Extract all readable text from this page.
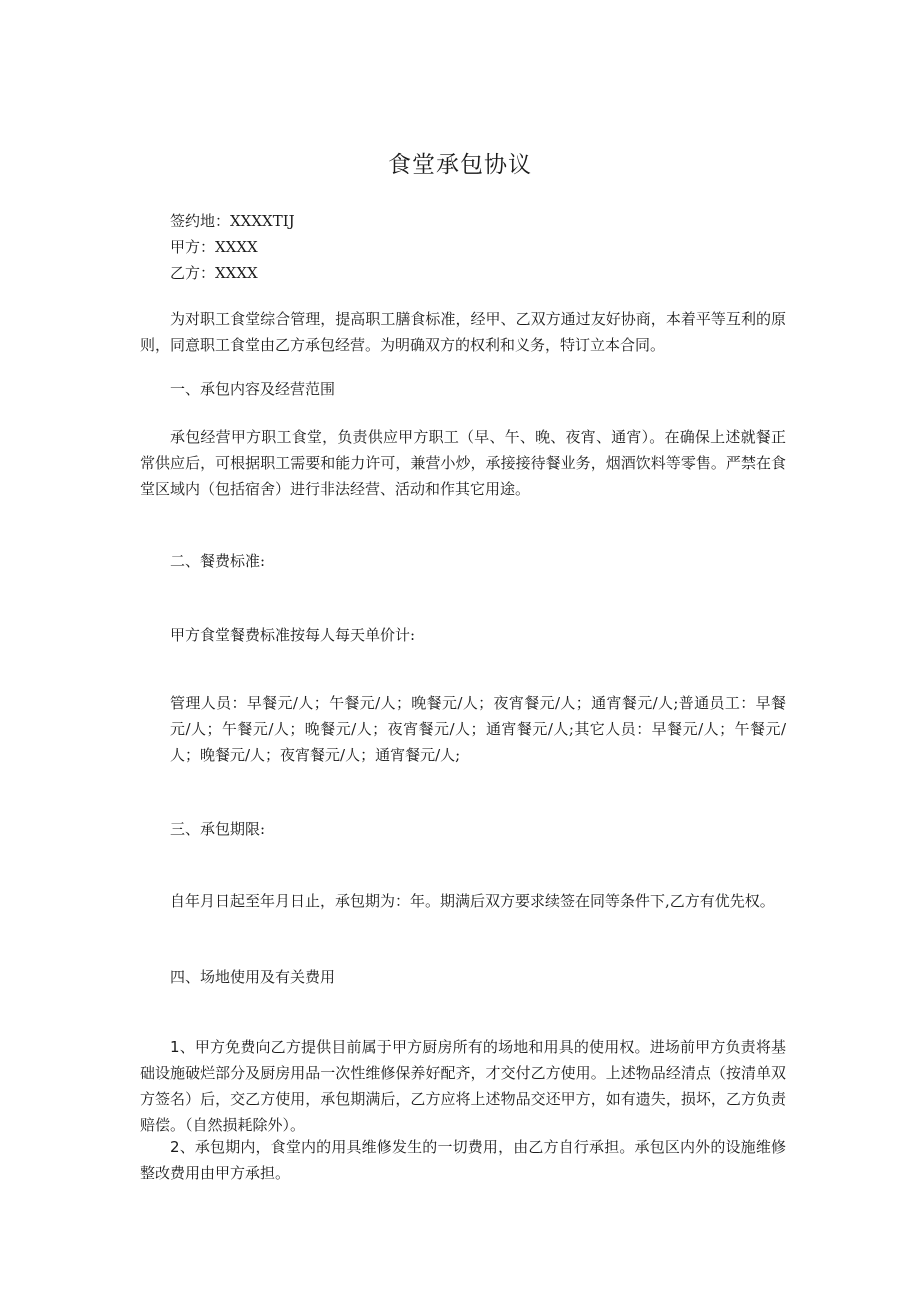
食堂承包协议
签约地：XXXXTIJ
甲方：XXXX
乙方：XXXX

为对职工食堂综合管理，提高职工膳食标准，经甲、乙双方通过友好协商，本着平等互利的原则，同意职工食堂由乙方承包经营。为明确双方的权利和义务，特订立本合同。

一、承包内容及经营范围

承包经营甲方职工食堂，负责供应甲方职工（早、午、晚、夜宵、通宵）。在确保上述就餐正常供应后，可根据职工需要和能力许可，兼营小炒，承接接待餐业务，烟酒饮料等零售。严禁在食堂区域内（包括宿舍）进行非法经营、活动和作其它用途。

二、餐费标准:
甲方食堂餐费标准按每人每天单价计:

管理人员：早餐元/人；午餐元/人；晚餐元/人；夜宵餐元/人；通宵餐元/人;普通员工：早餐元/人；午餐元/人；晚餐元/人；夜宵餐元/人；通宵餐元/人;其它人员：早餐元/人；午餐元/人；晚餐元/人；夜宵餐元/人；通宵餐元/人;

三、承包期限:

自年月日起至年月日止，承包期为：年。期满后双方要求续签在同等条件下,乙方有优先权。

四、场地使用及有关费用

1、甲方免费向乙方提供目前属于甲方厨房所有的场地和用具的使用权。进场前甲方负责将基础设施破烂部分及厨房用品一次性维修保养好配齐，才交付乙方使用。上述物品经清点（按清单双方签名）后，交乙方使用，承包期满后，乙方应将上述物品交还甲方，如有遗失，损坏，乙方负责赔偿。（自然损耗除外）。

2、承包期内，食堂内的用具维修发生的一切费用，由乙方自行承担。承包区内外的设施维修整改费用由甲方承担。
